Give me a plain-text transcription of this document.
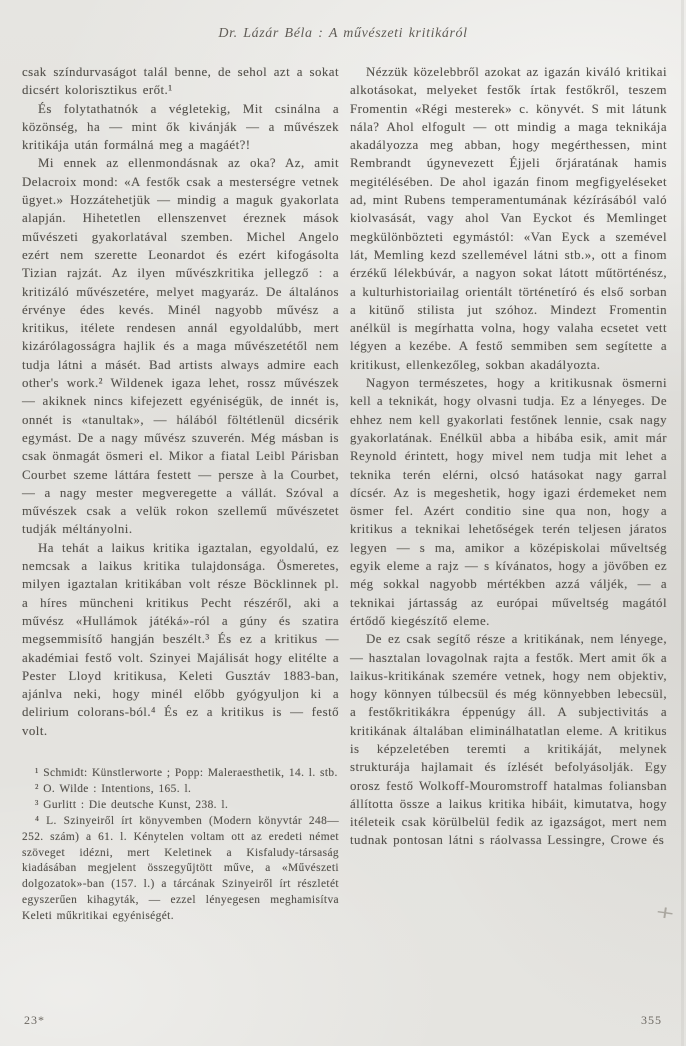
Dr. Lázár Béla : A művészeti kritikáról

csak színdurvaságot talál benne, de sehol azt a sokat dicsért kolorisztikus erőt.¹

És folytathatnók a végletekig, Mit csinálna a közönség, ha — mint ők kivánják — a művészek kritikája után formálná meg a magáét?!

Mi ennek az ellenmondásnak az oka? Az, amit Delacroix mond: «A festők csak a mesterségre vetnek ügyet.» Hozzátehetjük — mindig a maguk gyakorlata alapján. Hihetetlen ellenszenvet éreznek mások művészeti gyakorlatával szemben. Michel Angelo ezért nem szerette Leonardot és ezért kifogásolta Tizian rajzát. Az ilyen művészkritika jellegző : a kritizáló művészetére, melyet magyaráz. De általános érvénye édes kevés. Minél nagyobb művész a kritikus, itélete rendesen annál egyoldalúbb, mert kizárólagosságra hajlik és a maga művészetétől nem tudja látni a másét. Bad artists always admire each other's work.² Wildenek igaza lehet, rossz művészek — akiknek nincs kifejezett egyéniségük, de innét is, onnét is «tanultak», — hálából föltétlenül dicsérik egymást. De a nagy művész szuverén. Még másban is csak önmagát ösmeri el. Mikor a fiatal Leibl Párisban Courbet szeme láttára festett — persze à la Courbet, — a nagy mester megveregette a vállát. Szóval a művészek csak a velük rokon szellemű művészetet tudják méltányolni.

Ha tehát a laikus kritika igaztalan, egyoldalú, ez nemcsak a laikus kritika tulajdonsága. Ösmeretes, milyen igaztalan kritikában volt része Böcklinnek pl. a híres müncheni kritikus Pecht részéről, aki a művész «Hullámok játéká»-ról a gúny és szatira megsemmisítő hangján beszélt.³ És ez a kritikus — akadémiai festő volt. Szinyei Majálisát hogy elitélte a Pester Lloyd kritikusa, Keleti Gusztáv 1883-ban, ajánlva neki, hogy minél előbb gyógyuljon ki a delirium colorans-ból.⁴ És ez a kritikus is — festő volt.

¹ Schmidt: Künstlerworte ; Popp: Maleraesthetik, 14. l. stb.

² O. Wilde : Intentions, 165. l.

³ Gurlitt : Die deutsche Kunst, 238. l.

⁴ L. Szinyeiről írt könyvemben (Modern könyvtár 248—252. szám) a 61. l. Kénytelen voltam ott az eredeti német szöveget idézni, mert Keletinek a Kisfaludy-társaság kiadásában megjelent összegyűjtött műve, a «Művészeti dolgozatok»-ban (157. l.) a tárcának Szinyeiről írt részletét egyszerűen kihagyták, — ezzel lényegesen meghamisítva Keleti műkritikai egyéniségét.

Nézzük közelebbről azokat az igazán kiváló kritikai alkotásokat, melyeket festők írtak festőkről, teszem Fromentin «Régi mesterek» c. könyvét. S mit látunk nála? Ahol elfogult — ott mindig a maga teknikája akadályozza meg abban, hogy megérthessen, mint Rembrandt úgynevezett Éjjeli őrjáratának hamis megitélésében. De ahol igazán finom megfigyeléseket ad, mint Rubens temperamentumának kézírásából való kiolvasását, vagy ahol Van Eyckot és Memlinget megkülönbözteti egymástól: «Van Eyck a szemével lát, Memling kezd szellemével látni stb.», ott a finom érzékű lélekbúvár, a nagyon sokat látott műtörténész, a kulturhistoriailag orientált történetíró és első sorban a kitünő stilista jut szóhoz. Mindezt Fromentin anélkül is megírhatta volna, hogy valaha ecsetet vett légyen a kezébe. A festő semmiben sem segítette a kritikust, ellenkezőleg, sokban akadályozta.

Nagyon természetes, hogy a kritikusnak ösmerni kell a teknikát, hogy olvasni tudja. Ez a lényeges. De ehhez nem kell gyakorlati festőnek lennie, csak nagy gyakorlatának. Enélkül abba a hibába esik, amit már Reynold érintett, hogy mivel nem tudja mit lehet a teknika terén elérni, olcsó hatásokat nagy garral dícsér. Az is megeshetik, hogy igazi érdemeket nem ösmer fel. Azért conditio sine qua non, hogy a kritikus a teknikai lehetőségek terén teljesen járatos legyen — s ma, amikor a középiskolai műveltség egyik eleme a rajz — s kívánatos, hogy a jövőben ez még sokkal nagyobb mértékben azzá váljék, — a teknikai jártasság az európai műveltség magától értődő kiegészítő eleme.

De ez csak segítő része a kritikának, nem lényege, — hasztalan lovagolnak rajta a festők. Mert amit ők a laikus-kritikának szemére vetnek, hogy nem objektiv, hogy könnyen túlbecsül és még könnyebben lebecsül, a festőkritikákra éppenúgy áll. A subjectivitás a kritikának általában eliminálhatatlan eleme. A kritikus is képzeletében teremti a kritikáját, melynek strukturája hajlamait és ízlését befolyásolják. Egy orosz festő Wolkoff-Mouromstroff hatalmas foliansban állította össze a laikus kritika hibáit, kimutatva, hogy itéleteik csak körülbelül fedik az igazságot, mert nem tudnak pontosan látni s ráolvassa Lessingre, Crowe és

23*	355
+
